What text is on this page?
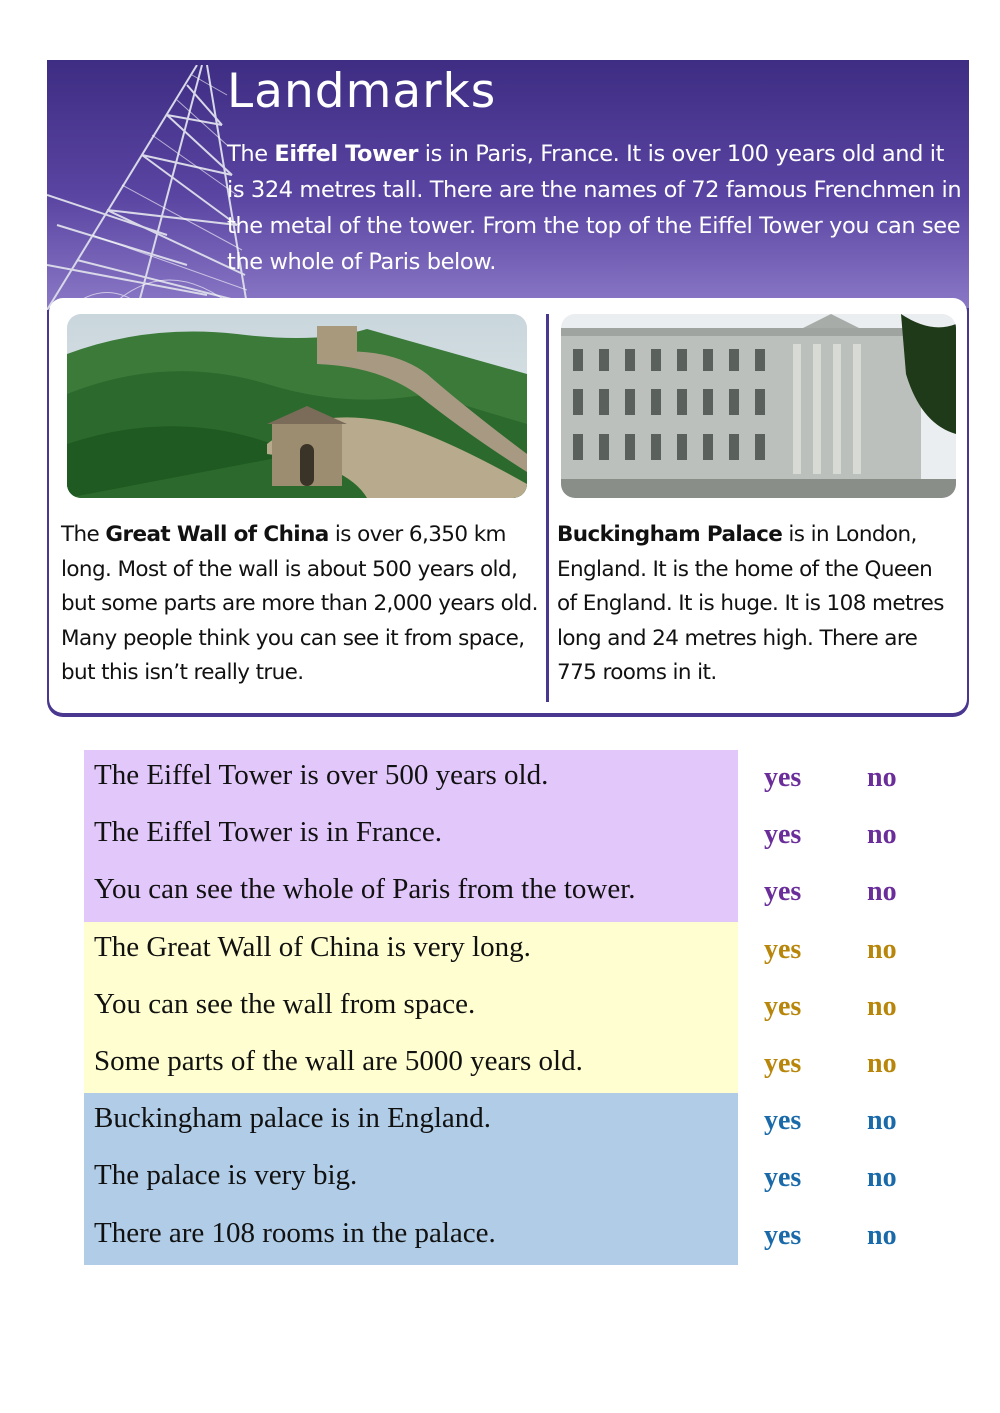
Landmarks

The Eiffel Tower is in Paris, France. It is over 100 years old and it is 324 metres tall. There are the names of 72 famous Frenchmen in the metal of the tower. From the top of the Eiffel Tower you can see the whole of Paris below.

The Great Wall of China is over 6,350 km long. Most of the wall is about 500 years old, but some parts are more than 2,000 years old. Many people think you can see it from space, but this isn’t really true.

Buckingham Palace is in London, England. It is the home of the Queen of England. It is huge. It is 108 metres long and 24 metres high. There are 775 rooms in it.

The Eiffel Tower is over 500 years old.	yes no
The Eiffel Tower is in France.	yes no
You can see the whole of Paris from the tower.	yes no
The Great Wall of China is very long.	yes no
You can see the wall from space.	yes no
Some parts of the wall are 5000 years old.	yes no
Buckingham palace is in England.	yes no
The palace is very big.	yes no
There are 108 rooms in the palace.	yes no
